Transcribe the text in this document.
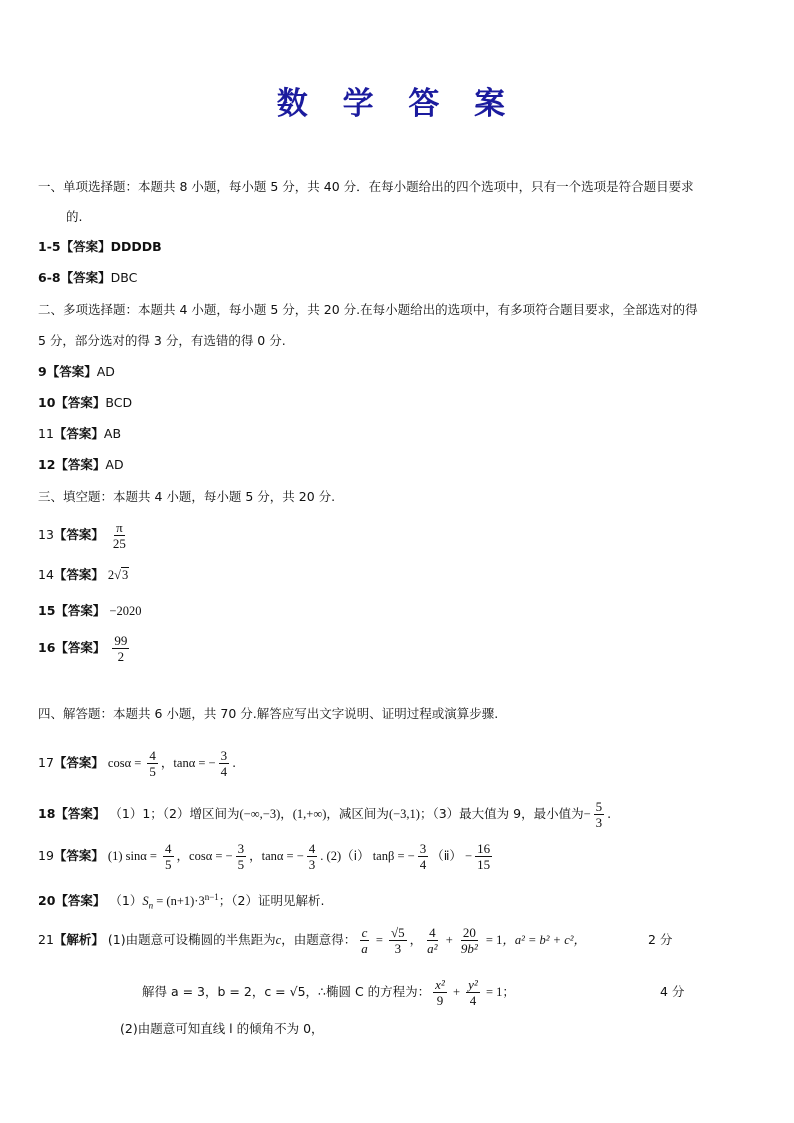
数 学 答 案
一、单项选择题：本题共 8 小题，每小题 5 分，共 40 分．在每小题给出的四个选项中，只有一个选项是符合题目要求
的.
1-5【答案】DDDDB
6-8【答案】DBC
二、多项选择题：本题共 4 小题，每小题 5 分，共 20 分.在每小题给出的选项中，有多项符合题目要求，全部选对的得
5 分，部分选对的得 3 分，有选错的得 0 分.
9【答案】AD
10【答案】BCD
11【答案】AB
12【答案】AD
三、填空题：本题共 4 小题，每小题 5 分，共 20 分.
13【答案】 $\frac{\pi}{25}$
14【答案】 2√3
15【答案】 −2020
16【答案】 $\frac{99}{2}$
四、解答题：本题共 6 小题，共 70 分.解答应写出文字说明、证明过程或演算步骤.
17【答案】 $\cos\alpha = \frac{4}{5}$ ，tanα = − $\frac{3}{4}$ .
18【答案】 （1）1；（2）增区间为(−∞,−3)，(1,+∞)，减区间为(−3,1)；（3）最大值为 9，最小值为− $\frac{5}{3}$ .
19【答案】 (1) $\sin\alpha = \frac{4}{5}$ ，cosα = − $\frac{3}{5}$ ，tanα = − $\frac{4}{3}$ . (2)（ⅰ） tanβ = − $\frac{3}{4}$ （ⅱ） − $\frac{16}{15}$
20【答案】 $(1)S_n = (n+1)\cdot 3^{n-1}$；（2）证明见解析.
21【解析】 (1)由题意可设椭圆的半焦距为c，由题意得： $\frac{c}{a} = \frac{√5}{3}$ ， $\frac{4}{\text{a²}} + \frac{20}{\text{9b²}} = 1$，a² = b² + c²，	2 分
解得 a = 3，b = 2，c = √5，∴椭圆 C 的方程为： $\frac{\text{x²}}{9} + \frac{\text{y²}}{4} = 1$；	4 分
(2)由题意可知直线 l 的倾角不为 0，
